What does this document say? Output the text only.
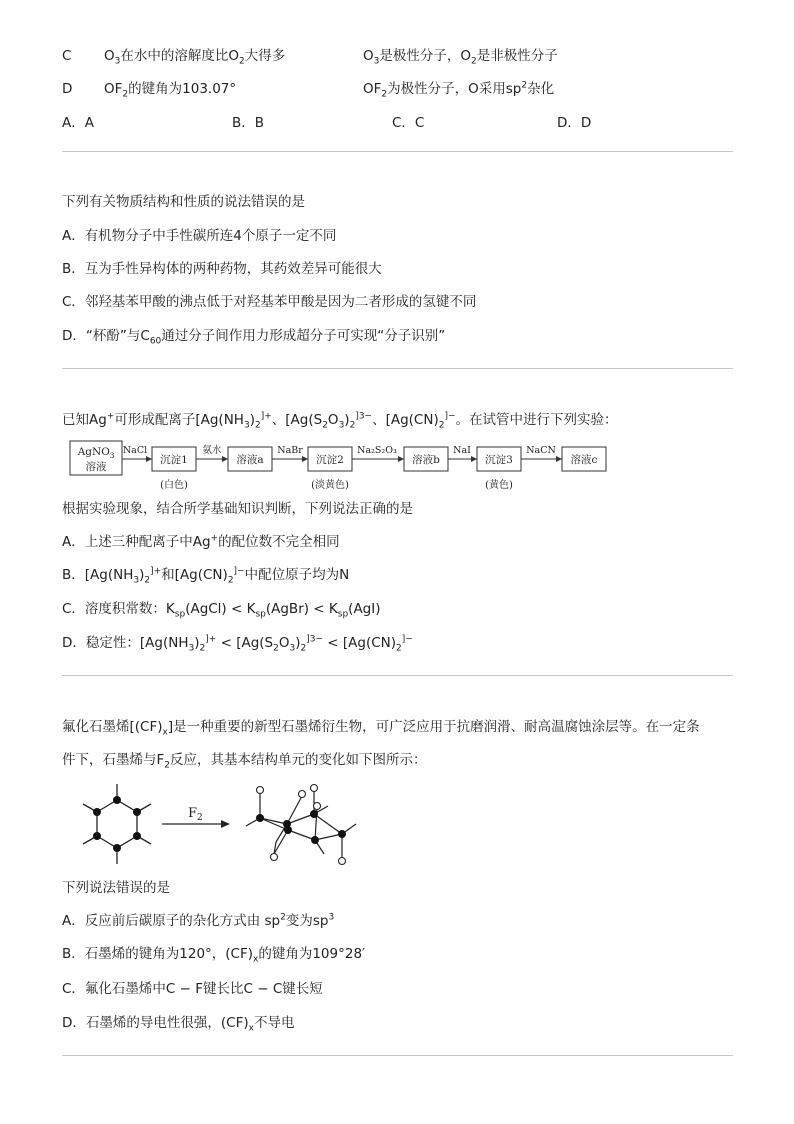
C $O_3$在水中的溶解度比$O_2$大得多	$O_3$是极性分子，$O_2$是非极性分子
D $OF_2$的键角为103.07°	$OF_2$为极性分子，O采用$sp^2$杂化
A．A	B．B	C．C	D．D
下列有关物质结构和性质的说法错误的是
A．有机物分子中手性碳所连4个原子一定不同
B．互为手性异构体的两种药物，其药效差异可能很大
C．邻羟基苯甲酸的沸点低于对羟基苯甲酸是因为二者形成的氢键不同
D．“杯酚”与$C_{60}$通过分子间作用力形成超分子可实现“分子识别”
已知Ag+可形成配离子[$Ag(NH_3)_2^{]+}$、[$Ag(S_2O_3)_2^{]3-}$、[$Ag(CN)_2^{]-}$。在试管中进行下列实验：
AgNO$_3$
溶液
沉淀1	溶液a	沉淀2	溶液b	沉淀3	溶液c
NaCl	氨水	NaBr	Na₂S₂O₃	NaI	NaCN
(白色)	(淡黄色)	(黄色)
根据实验现象，结合所学基础知识判断，下列说法正确的是
A．上述三种配离子中Ag+的配位数不完全相同
B．[$Ag(NH_3)_2^{]+}$和[$Ag(CN)_2^{]-}$中配位原子均为N
C．溶度积常数：$K_{sp}(AgCl)$ < $K_{sp}(AgBr) < K_{sp}(AgI)$
D．稳定性：[$Ag(NH_3)_2^{]+} < [Ag(S_2O_3)_2^{]3-} < [Ag(CN)_2^{]-}$
氟化石墨烯$[(CF)_x]$是一种重要的新型石墨烯衍生物，可广泛应用于抗磨润滑、耐高温腐蚀涂层等。在一定条
件下，石墨烯与$F_2$反应，其基本结构单元的变化如下图所示：
$F_2$
下列说法错误的是
A．反应前后碳原子的杂化方式由 $sp^2$变为$sp^3$
B．石墨烯的键角为120°，$(CF)_x$的键角为109°28′
C．氟化石墨烯中C − F键长比C − C键长短
D．石墨烯的导电性很强，$(CF)_x$不导电
